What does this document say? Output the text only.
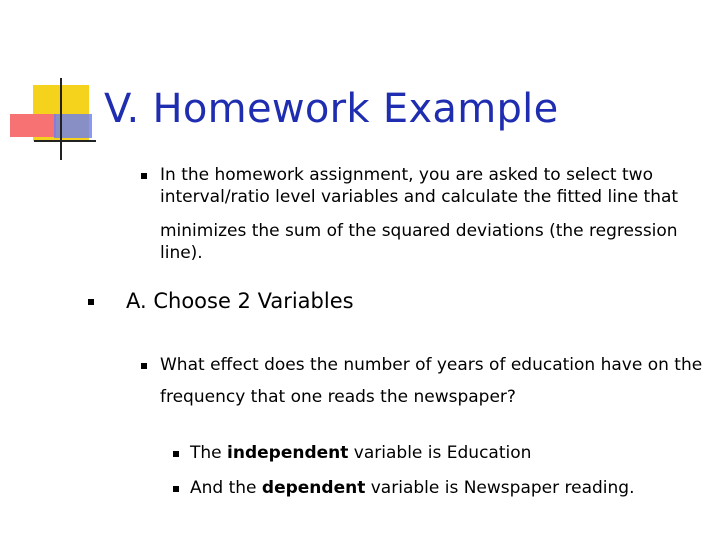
V. Homework Example
In the homework assignment, you are asked to select two
interval/ratio level variables and calculate the fitted line that
minimizes the sum of the squared deviations (the regression line).
A. Choose 2 Variables
What effect does the number of years of education have on the
frequency that one reads the newspaper?
The independent variable is Education
And the dependent variable is Newspaper reading.
